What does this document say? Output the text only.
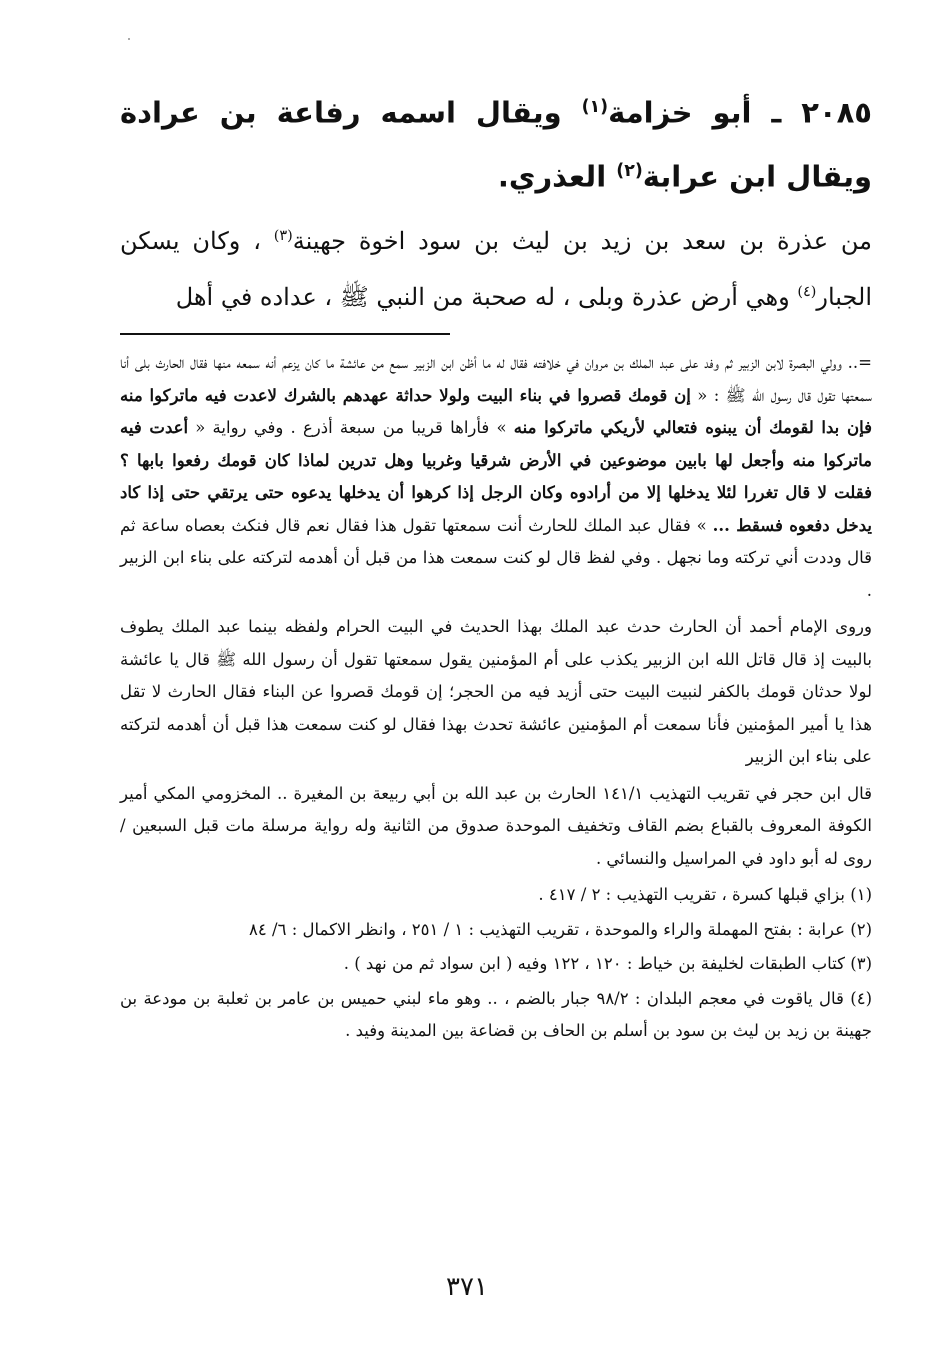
٢٠٨٥ ـ أبو خزامة$^{(١)}$ ويقال اسمه رفاعة بن عرادة ويقال ابن عرابة$^{(٢)}$ العذري.

من عذرة بن سعد بن زيد بن ليث بن سود اخوة جهينة$^{(٣)}$ ، وكان يسكن الجبار$^{(٤)}$ وهي أرض عذرة وبلى ، له صحبة من النبي ﷺ ، عداده في أهل

=.. وولي البصرة لابن الزبير ثم وفد على عبد الملك بن مروان في خلافته فقال له ما أظن ابن الزبير سمع من عائشة ما كان يزعم أنه سمعه منها فقال الحارث بلى أنا سمعتها تقول قال رسول الله ﷺ : « إن قومك قصروا في بناء البيت ولولا حداثة عهدهم بالشرك لاعدت فيه ماتركوا منه فإن بدا لقومك أن يبنوه فتعالي لأريكي ماتركوا منه » فأراها قريبا من سبعة أذرع . وفي رواية « أعدت فيه ماتركوا منه وأجعل لها بابين موضوعين في الأرض شرقيا وغربيا وهل تدرين لماذا كان قومك رفعوا بابها ؟ فقلت لا قال تغررا لئلا يدخلها إلا من أرادوه وكان الرجل إذا كرهوا أن يدخلها يدعوه حتى يرتقي حتى إذا كاد يدخل دفعوه فسقط ... » فقال عبد الملك للحارث أنت سمعتها تقول هذا فقال نعم قال فنكث بعصاه ساعة ثم قال وددت أني تركته وما نجهل . وفي لفظ قال لو كنت سمعت هذا من قبل أن أهدمه لتركته على بناء ابن الزبير .

وروى الإمام أحمد أن الحارث حدث عبد الملك بهذا الحديث في البيت الحرام ولفظه بينما عبد الملك يطوف بالبيت إذ قال قاتل الله ابن الزبير يكذب على أم المؤمنين يقول سمعتها تقول أن رسول الله ﷺ قال يا عائشة لولا حدثان قومك بالكفر لنبيت البيت حتى أزيد فيه من الحجر؛ إن قومك قصروا عن البناء فقال الحارث لا تقل هذا يا أمير المؤمنين فأنا سمعت أم المؤمنين عائشة تحدث بهذا فقال لو كنت سمعت هذا قبل أن أهدمه لتركته على بناء ابن الزبير

قال ابن حجر في تقريب التهذيب ١٤١/١ الحارث بن عبد الله بن أبي ربيعة بن المغيرة .. المخزومي المكي أمير الكوفة المعروف بالقباع بضم القاف وتخفيف الموحدة صدوق من الثانية وله رواية مرسلة مات قبل السبعين / روى له أبو داود في المراسيل والنسائي .

(١) بزاي قبلها كسرة ، تقريب التهذيب : ٢ / ٤١٧ .

(٢) عرابة : بفتح المهملة والراء والموحدة ، تقريب التهذيب : ١ / ٢٥١ ، وانظر الاكمال : ٦/ ٨٤

(٣) كتاب الطبقات لخليفة بن خياط : ١٢٠ ، ١٢٢ وفيه ( ابن سواد ثم من نهد ) .

(٤) قال ياقوت في معجم البلدان : ٩٨/٢ جبار بالضم ، .. وهو ماء لبني حميس بن عامر بن ثعلبة بن مودعة بن جهينة بن زيد بن ليث بن سود بن أسلم بن الحاف بن قضاعة بين المدينة وفيد .

٣٧١
